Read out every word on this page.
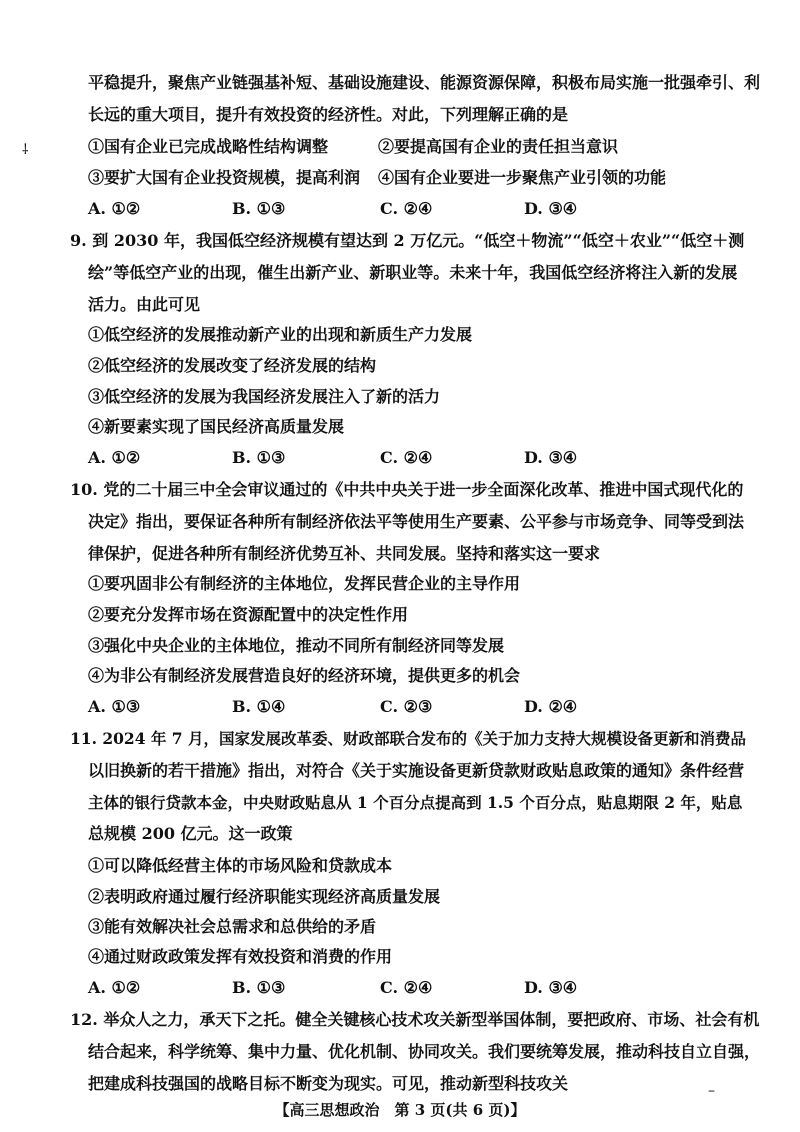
⸸
–
平稳提升，聚焦产业链强基补短、基础设施建设、能源资源保障，积极布局实施一批强牵引、利
长远的重大项目，提升有效投资的经济性。对此，下列理解正确的是
①国有企业已完成战略性结构调整	②要提高国有企业的责任担当意识
③要扩大国有企业投资规模，提高利润 ④国有企业要进一步聚焦产业引领的功能
A. ①②	B. ①③	C. ②④	D. ③④
9. 到 2030 年，我国低空经济规模有望达到 2 万亿元。“低空＋物流”“低空＋农业”“低空＋测
绘”等低空产业的出现，催生出新产业、新职业等。未来十年，我国低空经济将注入新的发展
活力。由此可见
①低空经济的发展推动新产业的出现和新质生产力发展
②低空经济的发展改变了经济发展的结构
③低空经济的发展为我国经济发展注入了新的活力
④新要素实现了国民经济高质量发展
A. ①②	B. ①③	C. ②④	D. ③④
10. 党的二十届三中全会审议通过的《中共中央关于进一步全面深化改革、推进中国式现代化的
决定》指出，要保证各种所有制经济依法平等使用生产要素、公平参与市场竞争、同等受到法
律保护，促进各种所有制经济优势互补、共同发展。坚持和落实这一要求
①要巩固非公有制经济的主体地位，发挥民营企业的主导作用
②要充分发挥市场在资源配置中的决定性作用
③强化中央企业的主体地位，推动不同所有制经济同等发展
④为非公有制经济发展营造良好的经济环境，提供更多的机会
A. ①③	B. ①④	C. ②③	D. ②④
11. 2024 年 7 月，国家发展改革委、财政部联合发布的《关于加力支持大规模设备更新和消费品
以旧换新的若干措施》指出，对符合《关于实施设备更新贷款财政贴息政策的通知》条件经营
主体的银行贷款本金，中央财政贴息从 1 个百分点提高到 1.5 个百分点，贴息期限 2 年，贴息
总规模 200 亿元。这一政策
①可以降低经营主体的市场风险和贷款成本
②表明政府通过履行经济职能实现经济高质量发展
③能有效解决社会总需求和总供给的矛盾
④通过财政政策发挥有效投资和消费的作用
A. ①②	B. ①③	C. ②④	D. ③④
12. 举众人之力，承天下之托。健全关键核心技术攻关新型举国体制，要把政府、市场、社会有机
结合起来，科学统筹、集中力量、优化机制、协同攻关。我们要统筹发展，推动科技自立自强，
把建成科技强国的战略目标不断变为现实。可见，推动新型科技攻关
【高三思想政治　第 3 页(共 6 页)】
